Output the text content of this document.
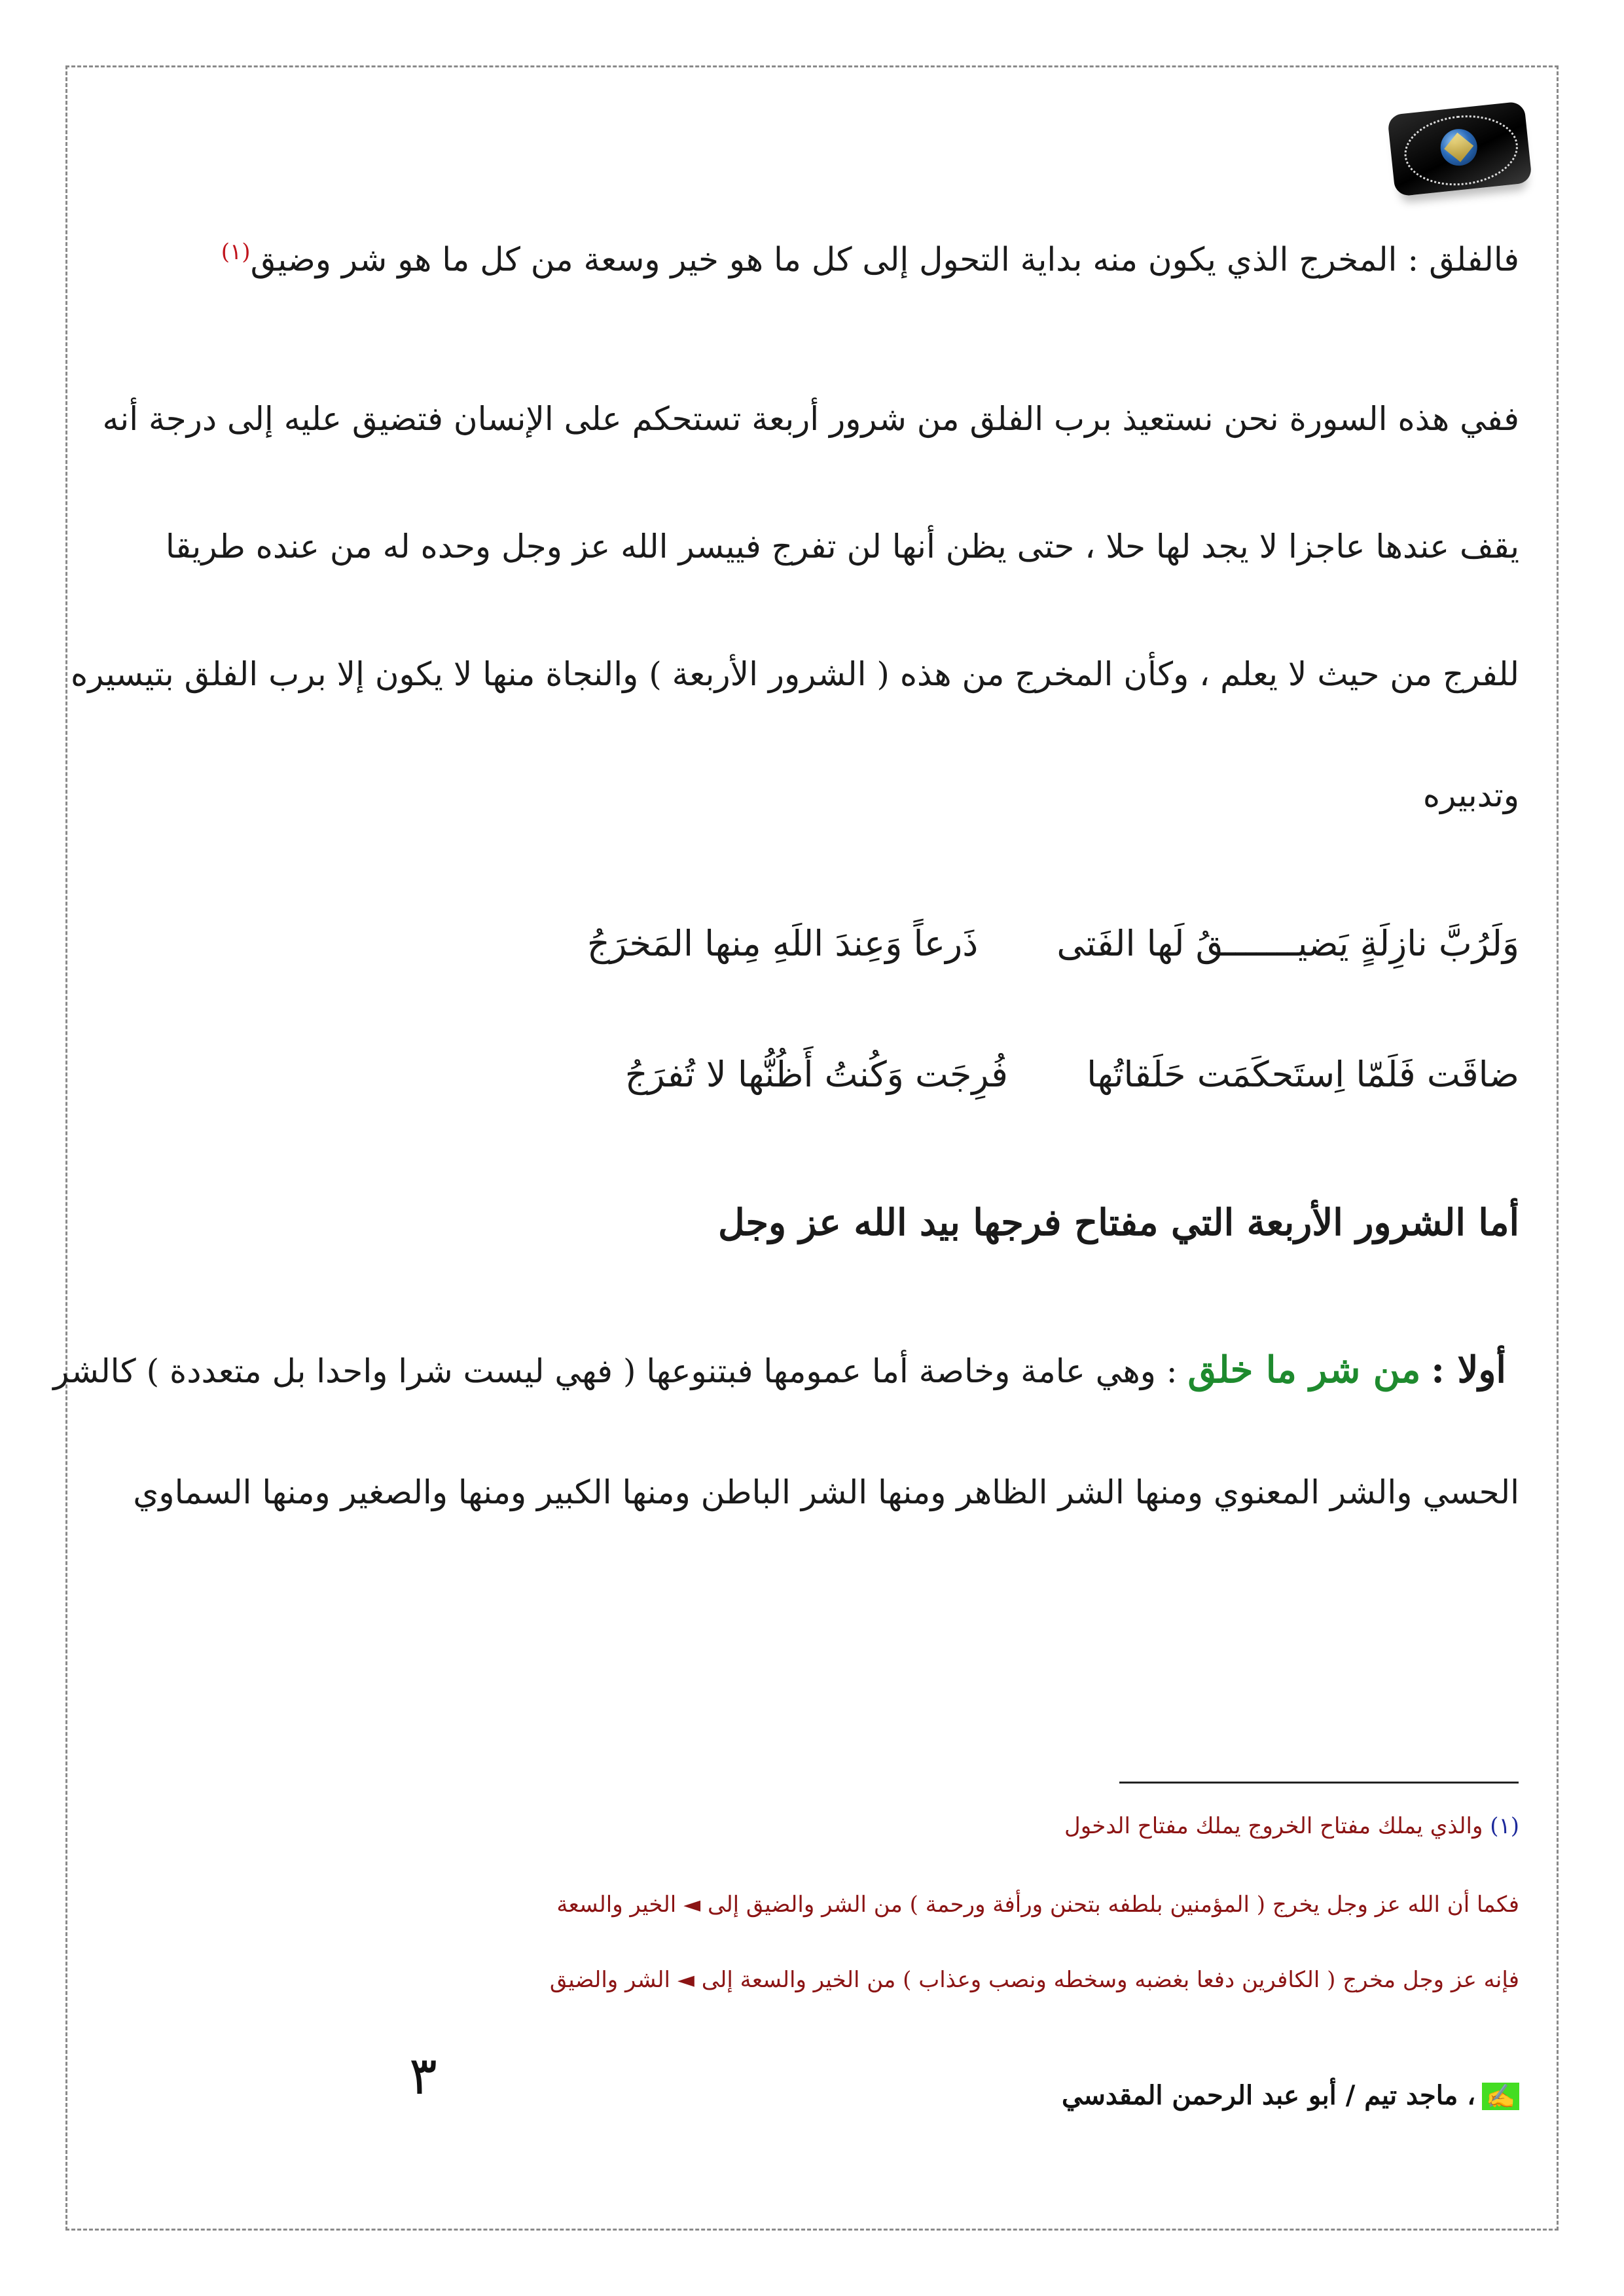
فالفلق : المخرج الذي يكون منه بداية التحول إلى كل ما هو خير وسعة من كل ما هو شر وضيق$^{(١)}$
ففي هذه السورة نحن نستعيذ برب الفلق من شرور أربعة تستحكم على الإنسان فتضيق عليه إلى درجة أنه
يقف عندها عاجزا لا يجد لها حلا ، حتى يظن أنها لن تفرج فييسر الله عز وجل وحده له من عنده طريقا
للفرج من حيث لا يعلم ، وكأن المخرج من هذه ( الشرور الأربعة ) والنجاة منها لا يكون إلا برب الفلق بتيسيره
وتدبيره
وَلَرُبَّ نازِلَةٍ يَضيـــــــقُ لَها الفَتى       ذَرعاً وَعِندَ اللَهِ مِنها المَخرَجُ
ضاقَت فَلَمّا اِستَحكَمَت حَلَقاتُها       فُرِجَت وَكُنتُ أَظُنُّها لا تُفرَجُ
أما الشرور الأربعة التي مفتاح فرجها بيد الله عز وجل
أولا : من شر ما خلق : وهي عامة وخاصة أما عمومها فبتنوعها ( فهي ليست شرا واحدا بل متعددة ) كالشر
الحسي والشر المعنوي ومنها الشر الظاهر ومنها الشر الباطن ومنها الكبير ومنها والصغير ومنها السماوي
(١) والذي يملك مفتاح الخروج يملك مفتاح الدخول
فكما أن الله عز وجل يخرج ( المؤمنين بلطفه بتحنن ورأفة ورحمة ) من الشر والضيق إلى ◄ الخير والسعة
فإنه عز وجل مخرج ( الكافرين دفعا بغضبه وسخطه ونصب وعذاب ) من الخير والسعة إلى ◄ الشر والضيق
٣	✍، ماجد تيم / أبو عبد الرحمن المقدسي
